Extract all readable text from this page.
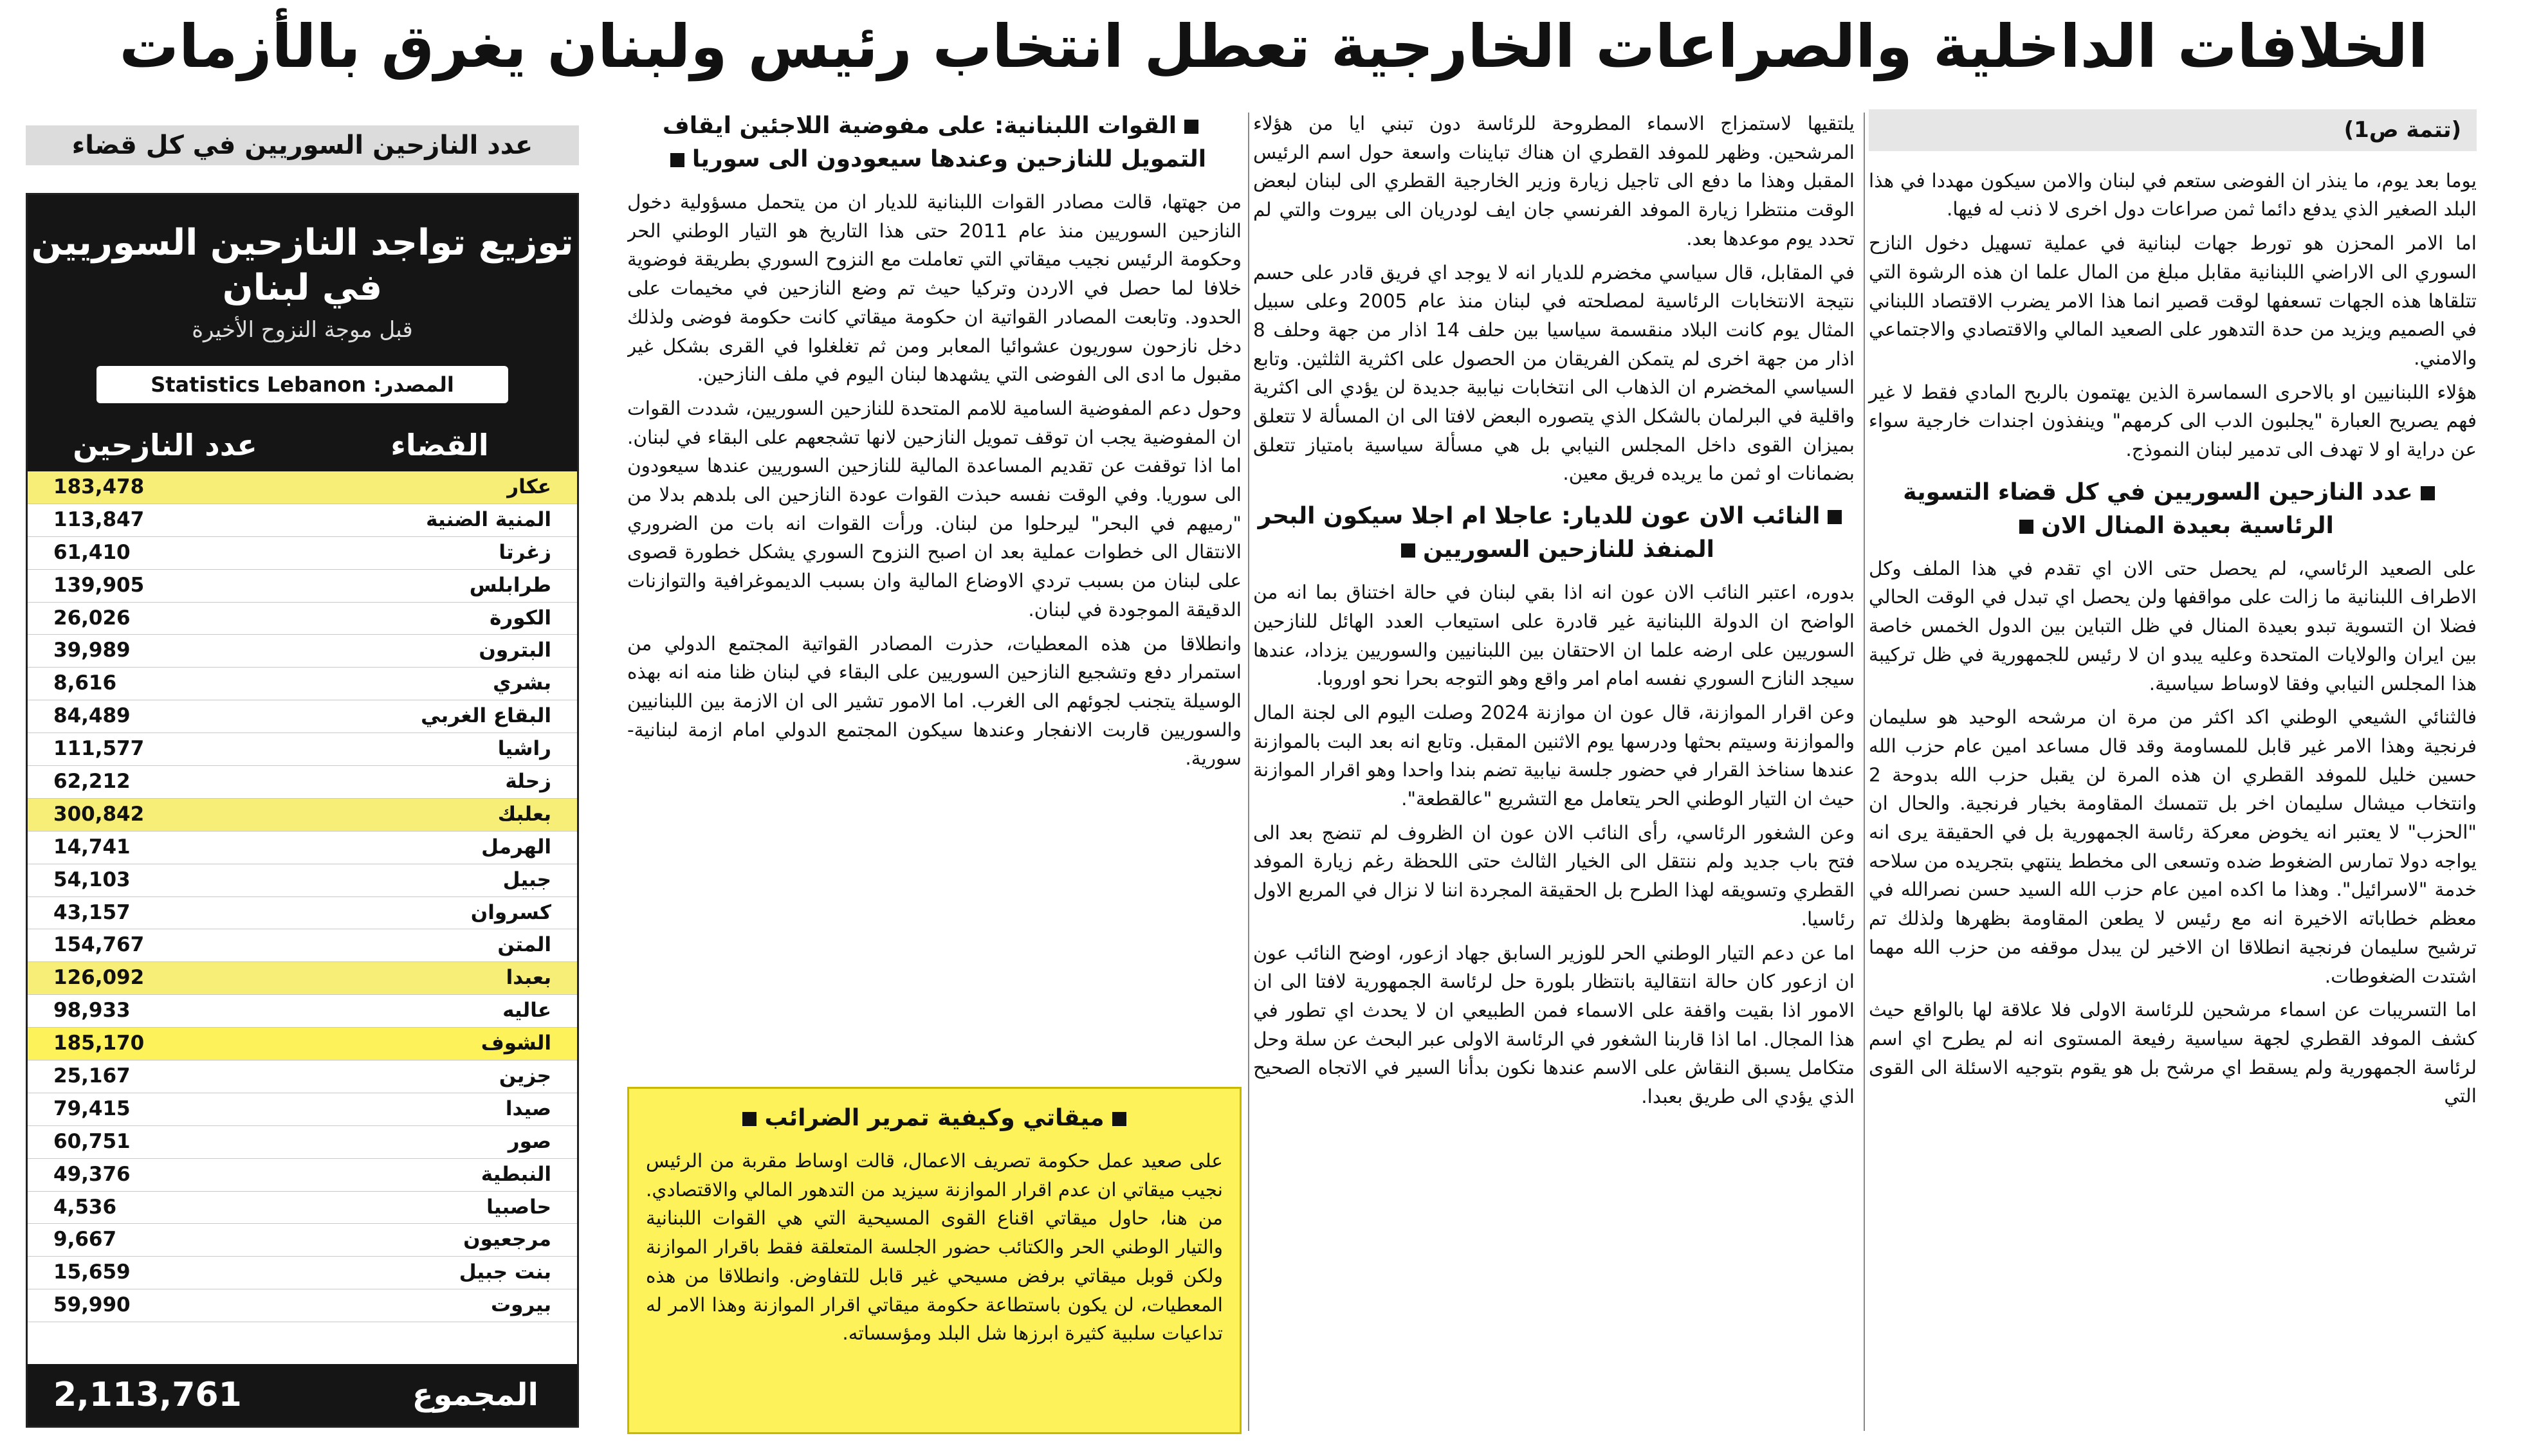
الخلافات الداخلية والصراعات الخارجية تعطل انتخاب رئيس ولبنان يغرق بالأزمات
(تتمة ص1)

يوما بعد يوم، ما ينذر ان الفوضى ستعم في لبنان والامن سيكون مهددا في هذا البلد الصغير الذي يدفع دائما ثمن صراعات دول اخرى لا ذنب له فيها.

اما الامر المحزن هو تورط جهات لبنانية في عملية تسهيل دخول النازح السوري الى الاراضي اللبنانية مقابل مبلغ من المال علما ان هذه الرشوة التي تتلقاها هذه الجهات تسعفها لوقت قصير انما هذا الامر يضرب الاقتصاد اللبناني في الصميم ويزيد من حدة التدهور على الصعيد المالي والاقتصادي والاجتماعي والامني.

هؤلاء اللبنانيين او بالاحرى السماسرة الذين يهتمون بالربح المادي فقط لا غير فهم يصريح العبارة "يجلبون الدب الى كرمهم" وينفذون اجندات خارجية سواء عن دراية او لا تهدف الى تدمير لبنان النموذج.

عدد النازحين السوريين في كل قضاء التسوية الرئاسية بعيدة المنال الان

على الصعيد الرئاسي، لم يحصل حتى الان اي تقدم في هذا الملف وكل الاطراف اللبنانية ما زالت على مواقفها ولن يحصل اي تبدل في الوقت الحالي فضلا ان التسوية تبدو بعيدة المنال في ظل التباين بين الدول الخمس خاصة بين ايران والولايات المتحدة وعليه يبدو ان لا رئيس للجمهورية في ظل تركيبة هذا المجلس النيابي وفقا لاوساط سياسية.

فالثنائي الشيعي الوطني اكد اكثر من مرة ان مرشحه الوحيد هو سليمان فرنجية وهذا الامر غير قابل للمساومة وقد قال مساعد امين عام حزب الله حسين خليل للموفد القطري ان هذه المرة لن يقبل حزب الله بدوحة 2 وانتخاب ميشال سليمان اخر بل تتمسك المقاومة بخيار فرنجية. والحال ان "الحزب" لا يعتبر انه يخوض معركة رئاسة الجمهورية بل في الحقيقة يرى انه يواجه دولا تمارس الضغوط ضده وتسعى الى مخطط ينتهي بتجريده من سلاحه خدمة "لاسرائيل". وهذا ما اكده امين عام حزب الله السيد حسن نصرالله في معظم خطاباته الاخيرة انه مع رئيس لا يطعن المقاومة بظهرها ولذلك تم ترشيح سليمان فرنجية انطلاقا ان الاخير لن يبدل موقفه من حزب الله مهما اشتدت الضغوطات.

اما التسريبات عن اسماء مرشحين للرئاسة الاولى فلا علاقة لها بالواقع حيث كشف الموفد القطري لجهة سياسية رفيعة المستوى انه لم يطرح اي اسم لرئاسة الجمهورية ولم يسقط اي مرشح بل هو يقوم بتوجيه الاسئلة الى القوى التي

يلتقيها لاستمزاج الاسماء المطروحة للرئاسة دون تبني ايا من هؤلاء المرشحين. وظهر للموفد القطري ان هناك تباينات واسعة حول اسم الرئيس المقبل وهذا ما دفع الى تاجيل زيارة وزير الخارجية القطري الى لبنان لبعض الوقت منتظرا زيارة الموفد الفرنسي جان ايف لودريان الى بيروت والتي لم تحدد يوم موعدها بعد.

في المقابل، قال سياسي مخضرم للديار انه لا يوجد اي فريق قادر على حسم نتيجة الانتخابات الرئاسية لمصلحته في لبنان منذ عام 2005 وعلى سبيل المثال يوم كانت البلاد منقسمة سياسيا بين حلف 14 اذار من جهة وحلف 8 اذار من جهة اخرى لم يتمكن الفريقان من الحصول على اكثرية الثلثين. وتابع السياسي المخضرم ان الذهاب الى انتخابات نيابية جديدة لن يؤدي الى اكثرية واقلية في البرلمان بالشكل الذي يتصوره البعض لافتا الى ان المسألة لا تتعلق بميزان القوى داخل المجلس النيابي بل هي مسألة سياسية بامتياز تتعلق بضمانات او ثمن ما يريده فريق معين.

النائب الان عون للديار: عاجلا ام اجلا سيكون البحر المنفذ للنازحين السوريين

بدوره، اعتبر النائب الان عون انه اذا بقي لبنان في حالة اختناق بما انه من الواضح ان الدولة اللبنانية غير قادرة على استيعاب العدد الهائل للنازحين السوريين على ارضه علما ان الاحتقان بين اللبنانيين والسوريين يزداد، عندها سيجد النازح السوري نفسه امام امر واقع وهو التوجه بحرا نحو اوروبا.

وعن اقرار الموازنة، قال عون ان موازنة 2024 وصلت اليوم الى لجنة المال والموازنة وسيتم بحثها ودرسها يوم الاثنين المقبل. وتابع انه بعد البت بالموازنة عندها سناخذ القرار في حضور جلسة نيابية تضم بندا واحدا وهو اقرار الموازنة حيث ان التيار الوطني الحر يتعامل مع التشريع "عالقطعة".

وعن الشغور الرئاسي، رأى النائب الان عون ان الظروف لم تنضج بعد الى فتح باب جديد ولم ننتقل الى الخيار الثالث حتى اللحظة رغم زيارة الموفد القطري وتسويقه لهذا الطرح بل الحقيقة المجردة اننا لا نزال في المربع الاول رئاسيا.

اما عن دعم التيار الوطني الحر للوزير السابق جهاد ازعور، اوضح النائب عون ان ازعور كان حالة انتقالية بانتظار بلورة حل لرئاسة الجمهورية لافتا الى ان الامور اذا بقيت واقفة على الاسماء فمن الطبيعي ان لا يحدث اي تطور في هذا المجال. اما اذا قاربنا الشغور في الرئاسة الاولى عبر البحث عن سلة وحل متكامل يسبق النقاش على الاسم عندها نكون بدأنا السير في الاتجاه الصحيح الذي يؤدي الى طريق بعبدا.

القوات اللبنانية: على مفوضية اللاجئين ايقاف التمويل للنازحين وعندها سيعودون الى سوريا

من جهتها، قالت مصادر القوات اللبنانية للديار ان من يتحمل مسؤولية دخول النازحين السوريين منذ عام 2011 حتى هذا التاريخ هو التيار الوطني الحر وحكومة الرئيس نجيب ميقاتي التي تعاملت مع النزوح السوري بطريقة فوضوية خلافا لما حصل في الاردن وتركيا حيث تم وضع النازحين في مخيمات على الحدود. وتابعت المصادر القواتية ان حكومة ميقاتي كانت حكومة فوضى ولذلك دخل نازحون سوريون عشوائيا المعابر ومن ثم تغلغلوا في القرى بشكل غير مقبول ما ادى الى الفوضى التي يشهدها لبنان اليوم في ملف النازحين.

وحول دعم المفوضية السامية للامم المتحدة للنازحين السوريين، شددت القوات ان المفوضية يجب ان توقف تمويل النازحين لانها تشجعهم على البقاء في لبنان. اما اذا توقفت عن تقديم المساعدة المالية للنازحين السوريين عندها سيعودون الى سوريا. وفي الوقت نفسه حبذت القوات عودة النازحين الى بلدهم بدلا من "رميهم في البحر" ليرحلوا من لبنان. ورأت القوات انه بات من الضروري الانتقال الى خطوات عملية بعد ان اصبح النزوح السوري يشكل خطورة قصوى على لبنان من بسبب تردي الاوضاع المالية وان بسبب الديموغرافية والتوازنات الدقيقة الموجودة في لبنان.

وانطلاقا من هذه المعطيات، حذرت المصادر القواتية المجتمع الدولي من استمرار دفع وتشجيع النازحين السوريين على البقاء في لبنان ظنا منه انه بهذه الوسيلة يتجنب لجوئهم الى الغرب. اما الامور تشير الى ان الازمة بين اللبنانيين والسوريين قاربت الانفجار وعندها سيكون المجتمع الدولي امام ازمة لبنانية-سورية.

ميقاتي وكيفية تمرير الضرائب

على صعيد عمل حكومة تصريف الاعمال، قالت اوساط مقربة من الرئيس نجيب ميقاتي ان عدم اقرار الموازنة سيزيد من التدهور المالي والاقتصادي. من هنا، حاول ميقاتي اقناع القوى المسيحية التي هي القوات اللبنانية والتيار الوطني الحر والكتائب حضور الجلسة المتعلقة فقط باقرار الموازنة ولكن قوبل ميقاتي برفض مسيحي غير قابل للتفاوض. وانطلاقا من هذه المعطيات، لن يكون باستطاعة حكومة ميقاتي اقرار الموازنة وهذا الامر له تداعيات سلبية كثيرة ابرزها شل البلد ومؤسساته.

عدد النازحين السوريين في كل قضاء
توزيع تواجد النازحين السوريين في لبنان
قبل موجة النزوح الأخيرة
المصدر: Statistics Lebanon
القضاء
عدد النازحين
عكار
183,478
المنية الضنية
113,847
زغرتا
61,410
طرابلس
139,905
الكورة
26,026
البترون
39,989
بشري
8,616
البقاع الغربي
84,489
راشيا
111,577
زحلة
62,212
بعلبك
300,842
الهرمل
14,741
جبيل
54,103
كسروان
43,157
المتن
154,767
بعبدا
126,092
عاليه
98,933
الشوف
185,170
جزين
25,167
صيدا
79,415
صور
60,751
النبطية
49,376
حاصبيا
4,536
مرجعيون
9,667
بنت جبيل
15,659
بيروت
59,990
المجموع
2,113,761
